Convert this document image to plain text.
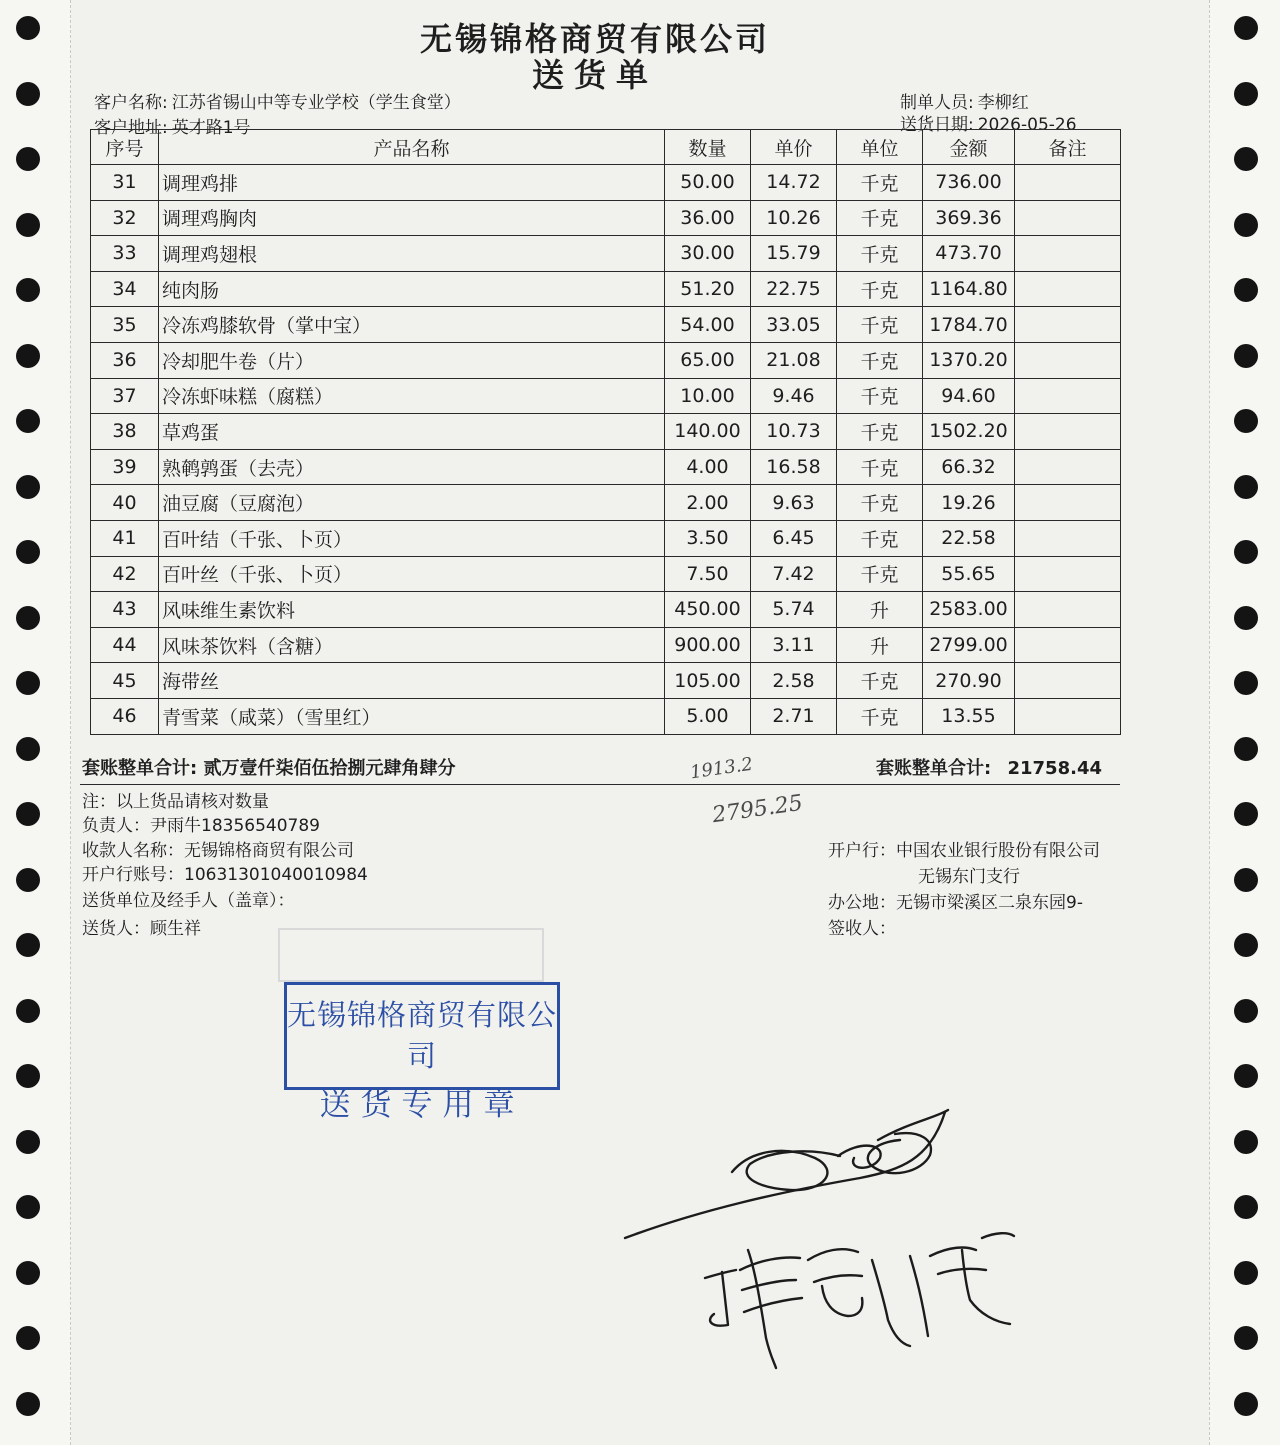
无锡锦格商贸有限公司
送货单
客户名称: 江苏省锡山中等专业学校（学生食堂）
客户地址: 英才路1号
制单人员: 李柳红
送货日期: 2026-05-26
序号	产品名称	数量	单价	单位	金额	备注
31	调理鸡排	50.00	14.72	千克	736.00	
32	调理鸡胸肉	36.00	10.26	千克	369.36	
33	调理鸡翅根	30.00	15.79	千克	473.70	
34	纯肉肠	51.20	22.75	千克	1164.80	
35	冷冻鸡膝软骨（掌中宝）	54.00	33.05	千克	1784.70	
36	冷却肥牛卷（片）	65.00	21.08	千克	1370.20	
37	冷冻虾味糕（腐糕）	10.00	9.46	千克	94.60	
38	草鸡蛋	140.00	10.73	千克	1502.20	
39	熟鹌鹑蛋（去壳）	4.00	16.58	千克	66.32	
40	油豆腐（豆腐泡）	2.00	9.63	千克	19.26	
41	百叶结（千张、卜页）	3.50	6.45	千克	22.58	
42	百叶丝（千张、卜页）	7.50	7.42	千克	55.65	
43	风味维生素饮料	450.00	5.74	升	2583.00	
44	风味茶饮料（含糖）	900.00	3.11	升	2799.00	
45	海带丝	105.00	2.58	千克	270.90	
46	青雪菜（咸菜）（雪里红）	5.00	2.71	千克	13.55	
套账整单合计: 贰万壹仟柒佰伍拾捌元肆角肆分	套账整单合计: 21758.44
1913.2
2795.25
注：以上货品请核对数量
负责人：尹雨牛18356540789
收款人名称：无锡锦格商贸有限公司
开户行账号：10631301040010984
送货单位及经手人（盖章）：
送货人：顾生祥
开户行：中国农业银行股份有限公司
无锡东门支行
办公地：无锡市梁溪区二泉东园9-
签收人：
无锡锦格商贸有限公司
送货专用章
